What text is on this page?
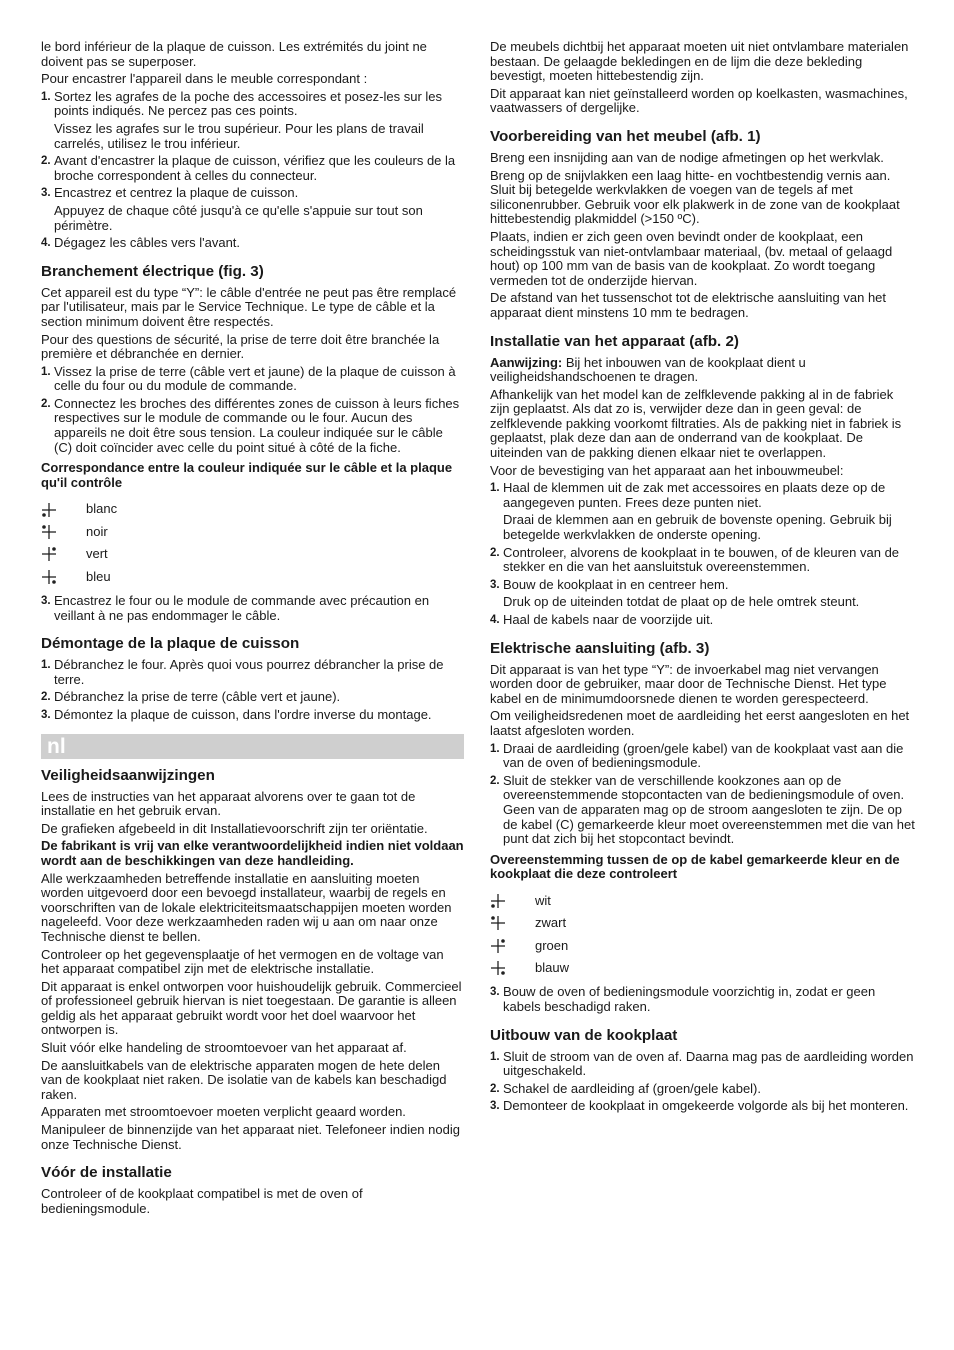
le bord inférieur de la plaque de cuisson. Les extrémités du joint ne doivent pas se superposer.

Pour encastrer l'appareil dans le meuble correspondant :

1. Sortez les agrafes de la poche des accessoires et posez-les sur les points indiqués. Ne percez pas ces points.

Vissez les agrafes sur le trou supérieur. Pour les plans de travail carrelés, utilisez le trou inférieur.

2. Avant d'encastrer la plaque de cuisson, vérifiez que les couleurs de la broche correspondent à celles du connecteur.
3. Encastrez et centrez la plaque de cuisson.

Appuyez de chaque côté jusqu'à ce qu'elle s'appuie sur tout son périmètre.

4. Dégagez les câbles vers l'avant.
Branchement électrique (fig. 3)

Cet appareil est du type “Y”: le câble d'entrée ne peut pas être remplacé par l'utilisateur, mais par le Service Technique. Le type de câble et la section minimum doivent être respectés.

Pour des questions de sécurité, la prise de terre doit être branchée la première et débranchée en dernier.

1. Vissez la prise de terre (câble vert et jaune) de la plaque de cuisson à celle du four ou du module de commande.
2. Connectez les broches des différentes zones de cuisson à leurs fiches respectives sur le module de commande ou le four. Aucun des appareils ne doit être sous tension. La couleur indiquée sur le câble (C) doit coïncider avec celle du point situé à côté de la fiche.

Correspondance entre la couleur indiquée sur le câble et la plaque qu'il contrôle

blanc
noir
vert
bleu
3. Encastrez le four ou le module de commande avec précaution en veillant à ne pas endommager le câble.
Démontage de la plaque de cuisson
1. Débranchez le four. Après quoi vous pourrez débrancher la prise de terre.
2. Débranchez la prise de terre (câble vert et jaune).
3. Démontez la plaque de cuisson, dans l'ordre inverse du montage.
nl
Veiligheidsaanwijzingen

Lees de instructies van het apparaat alvorens over te gaan tot de installatie en het gebruik ervan.

De grafieken afgebeeld in dit Installatievoorschrift zijn ter oriëntatie.

De fabrikant is vrij van elke verantwoordelijkheid indien niet voldaan wordt aan de beschikkingen van deze handleiding.

Alle werkzaamheden betreffende installatie en aansluiting moeten worden uitgevoerd door een bevoegd installateur, waarbij de regels en voorschriften van de lokale elektriciteitsmaatschappijen moeten worden nageleefd. Voor deze werkzaamheden raden wij u aan om naar onze Technische dienst te bellen.

Controleer op het gegevensplaatje of het vermogen en de voltage van het apparaat compatibel zijn met de elektrische installatie.

Dit apparaat is enkel ontworpen voor huishoudelijk gebruik. Commercieel of professioneel gebruik hiervan is niet toegestaan. De garantie is alleen geldig als het apparaat gebruikt wordt voor het doel waarvoor het ontworpen is.

Sluit vóór elke handeling de stroomtoevoer van het apparaat af.

De aansluitkabels van de elektrische apparaten mogen de hete delen van de kookplaat niet raken. De isolatie van de kabels kan beschadigd raken.

Apparaten met stroomtoevoer moeten verplicht geaard worden.

Manipuleer de binnenzijde van het apparaat niet. Telefoneer indien nodig onze Technische Dienst.

Vóór de installatie

Controleer of de kookplaat compatibel is met de oven of bedieningsmodule.

De meubels dichtbij het apparaat moeten uit niet ontvlambare materialen bestaan. De gelaagde bekledingen en de lijm die deze bekleding bevestigt, moeten hittebestendig zijn.

Dit apparaat kan niet geïnstalleerd worden op koelkasten, wasmachines, vaatwassers of dergelijke.

Voorbereiding van het meubel (afb. 1)

Breng een insnijding aan van de nodige afmetingen op het werkvlak.

Breng op de snijvlakken een laag hitte- en vochtbestendig vernis aan. Sluit bij betegelde werkvlakken de voegen van de tegels af met siliconenrubber. Gebruik voor elk plakwerk in de zone van de kookplaat hittebestendig plakmiddel (>150 ºC).

Plaats, indien er zich geen oven bevindt onder de kookplaat, een scheidingsstuk van niet-ontvlambaar materiaal, (bv. metaal of gelaagd hout) op 100 mm van de basis van de kookplaat. Zo wordt toegang vermeden tot de onderzijde hiervan.

De afstand van het tussenschot tot de elektrische aansluiting van het apparaat dient minstens 10 mm te bedragen.

Installatie van het apparaat (afb. 2)

Aanwijzing: Bij het inbouwen van de kookplaat dient u veiligheidshandschoenen te dragen.

Afhankelijk van het model kan de zelfklevende pakking al in de fabriek zijn geplaatst. Als dat zo is, verwijder deze dan in geen geval: de zelfklevende pakking voorkomt filtraties. Als de pakking niet in fabriek is geplaatst, plak deze dan aan de onderrand van de kookplaat. De uiteinden van de pakking dienen elkaar niet te overlappen.

Voor de bevestiging van het apparaat aan het inbouwmeubel:

1. Haal de klemmen uit de zak met accessoires en plaats deze op de aangegeven punten. Frees deze punten niet.

Draai de klemmen aan en gebruik de bovenste opening. Gebruik bij betegelde werkvlakken de onderste opening.

2. Controleer, alvorens de kookplaat in te bouwen, of de kleuren van de stekker en die van het aansluitstuk overeenstemmen.
3. Bouw de kookplaat in en centreer hem.

Druk op de uiteinden totdat de plaat op de hele omtrek steunt.

4. Haal de kabels naar de voorzijde uit.
Elektrische aansluiting (afb. 3)

Dit apparaat is van het type “Y”: de invoerkabel mag niet vervangen worden door de gebruiker, maar door de Technische Dienst. Het type kabel en de minimumdoorsnede dienen te worden gerespecteerd.

Om veiligheidsredenen moet de aardleiding het eerst aangesloten en het laatst afgesloten worden.

1. Draai de aardleiding (groen/gele kabel) van de kookplaat vast aan die van de oven of bedieningsmodule.
2. Sluit de stekker van de verschillende kookzones aan op de overeenstemmende stopcontacten van de bedieningsmodule of oven. Geen van de apparaten mag op de stroom aangesloten te zijn. De op de kabel (C) gemarkeerde kleur moet overeenstemmen met die van het punt dat zich bij het stopcontact bevindt.

Overeenstemming tussen de op de kabel gemarkeerde kleur en de kookplaat die deze controleert

wit
zwart
groen
blauw
3. Bouw de oven of bedieningsmodule voorzichtig in, zodat er geen kabels beschadigd raken.
Uitbouw van de kookplaat
1. Sluit de stroom van de oven af. Daarna mag pas de aardleiding worden uitgeschakeld.
2. Schakel de aardleiding af (groen/gele kabel).
3. Demonteer de kookplaat in omgekeerde volgorde als bij het monteren.
